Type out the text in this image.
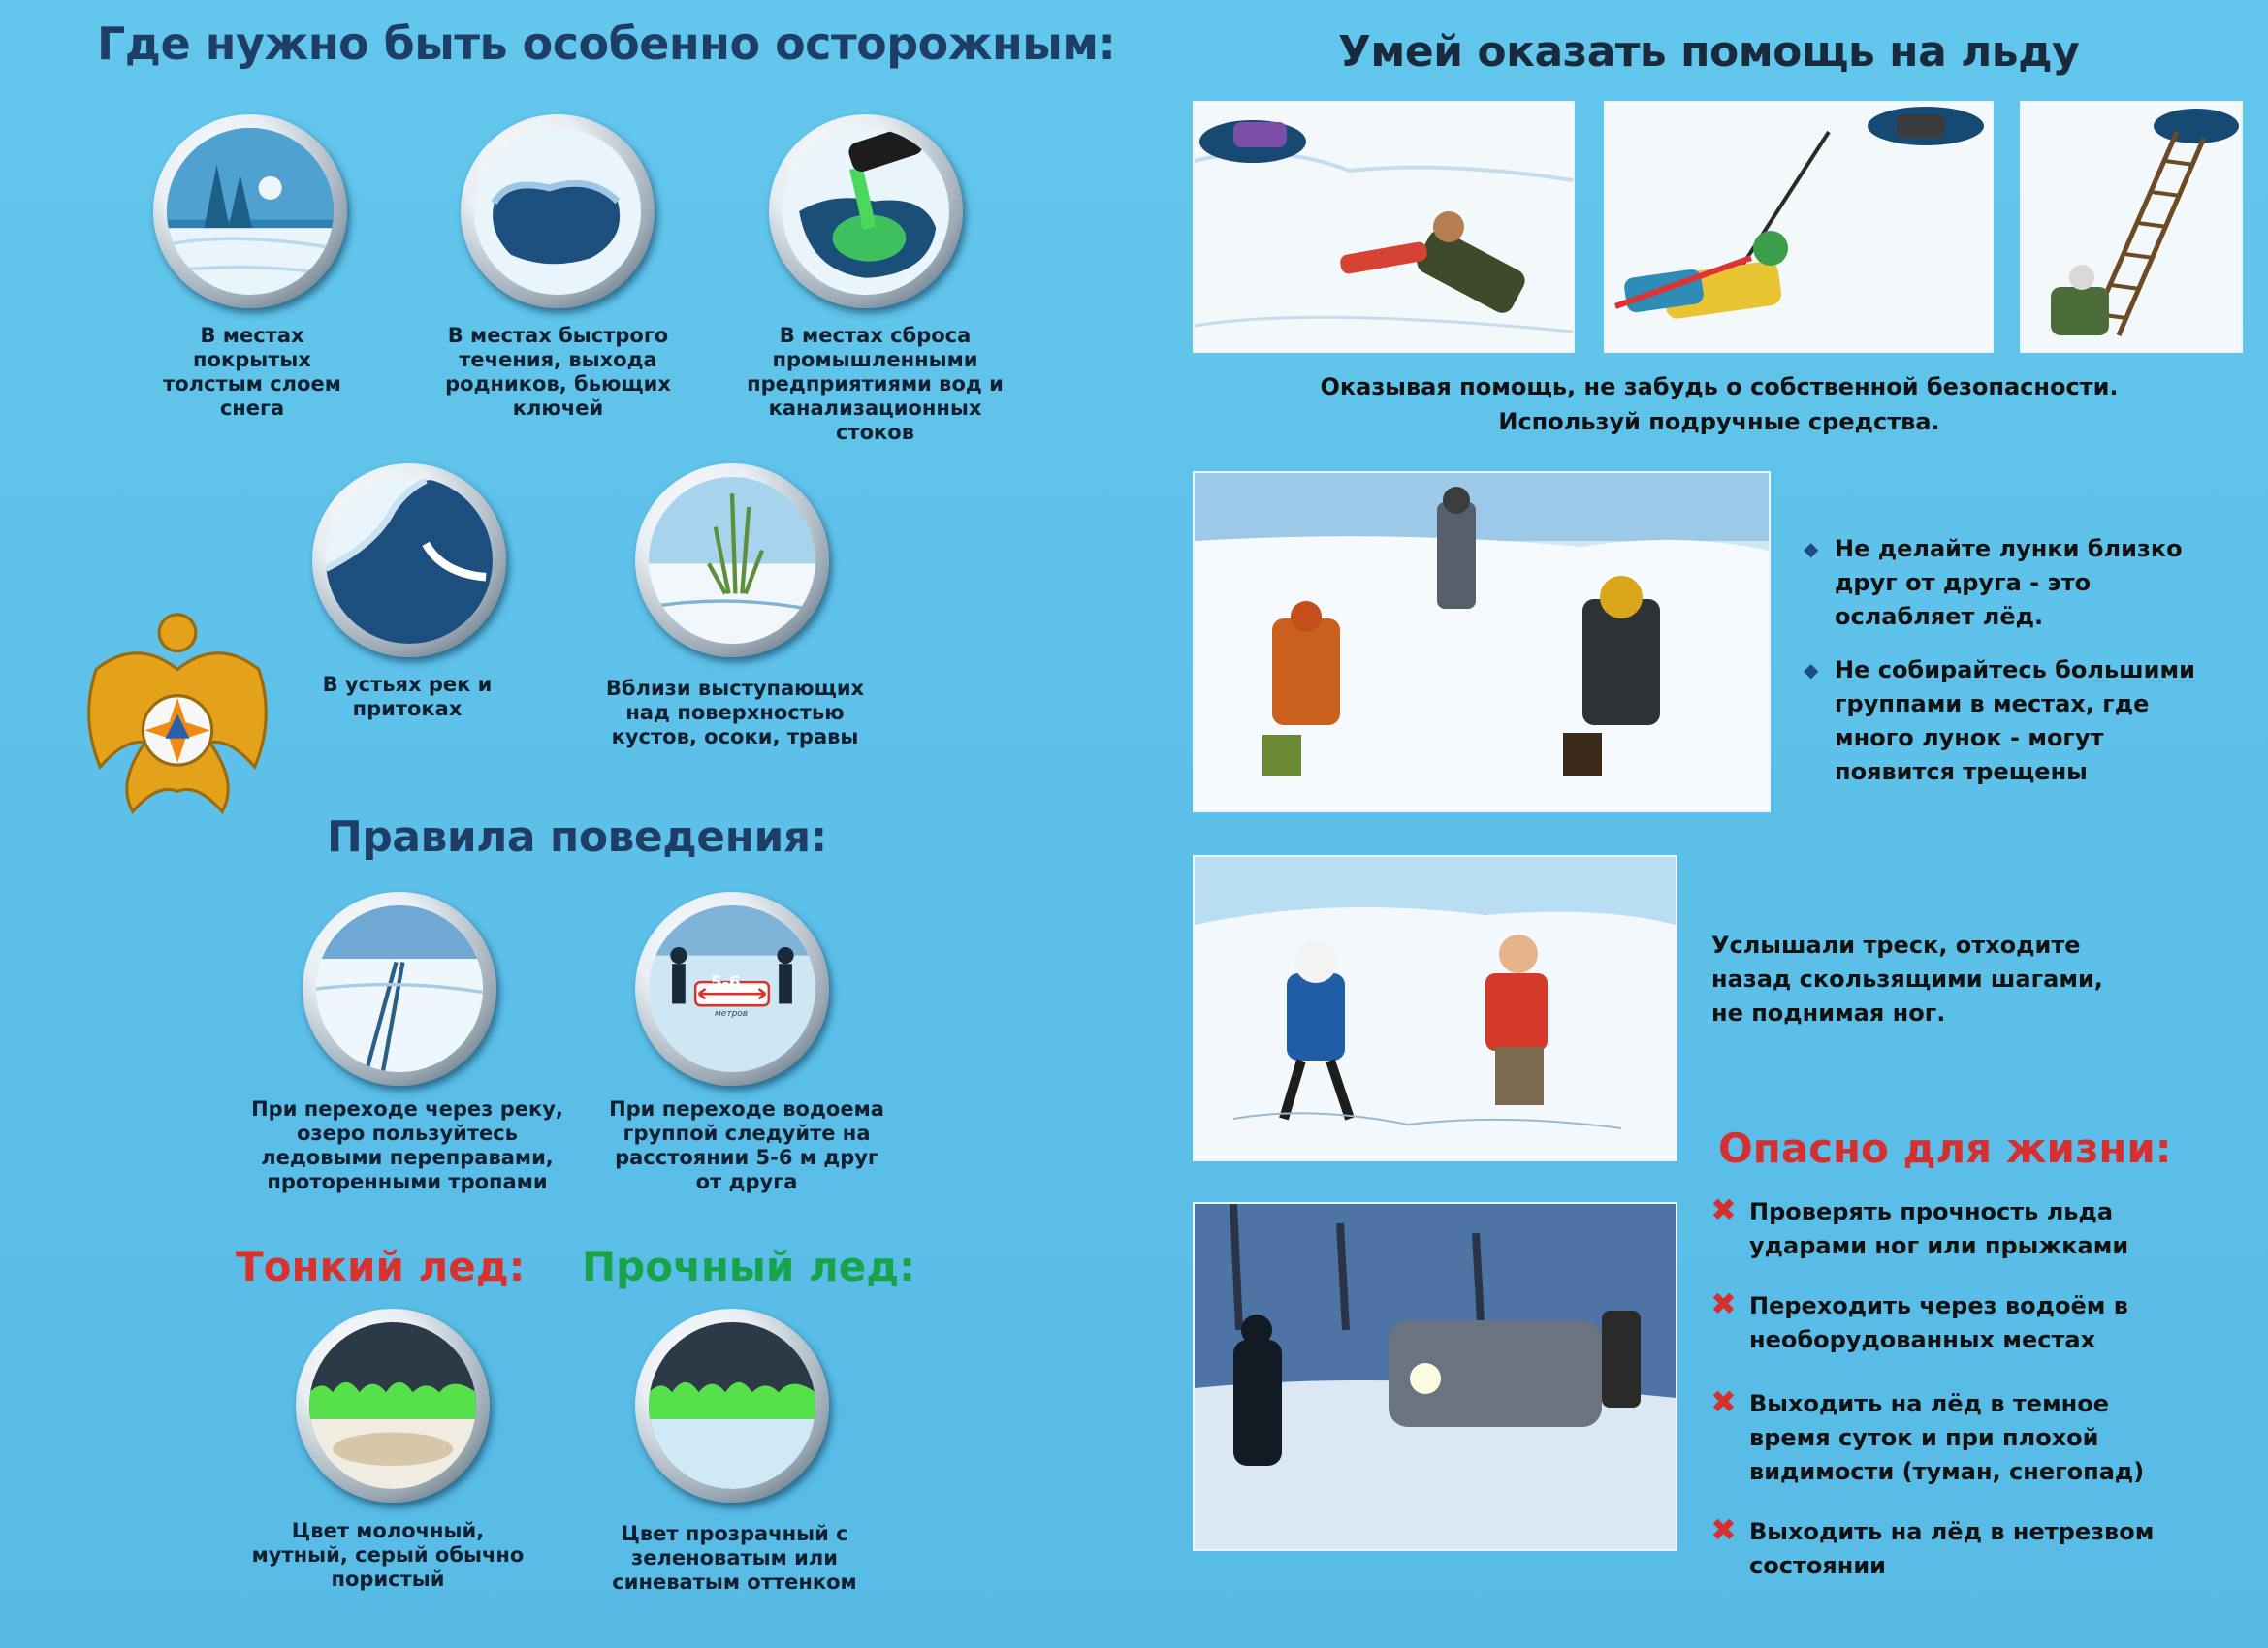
Где нужно быть особенно осторожным:
В местах покрытых толстым слоем снега
В местах быстрого течения, выхода родников, бьющих ключей
В местах сброса промышленными предприятиями вод и канализационных стоков
В устьях рек и притоках
Вблизи выступающих над поверхностью кустов, осоки, травы
Правила поведения:
5-6
метров
При переходе через реку, озеро пользуйтесь ледовыми переправами, проторенными тропами
При переходе водоема группой следуйте на расстоянии 5-6 м друг от друга
Тонкий лед: Прочный лед:
Цвет молочный, мутный, серый обычно пористый
Цвет прозрачный с зеленоватым или синеватым оттенком
Умей оказать помощь на льду
Оказывая помощь, не забудь о собственной безопасности.
Используй подручные средства.
◆ Не делайте лунки близко друг от друга - это ослабляет лёд.
◆ Не собирайтесь большими группами в местах, где много лунок - могут появится трещены
Услышали треск, отходите назад скользящими шагами, не поднимая ног.
Опасно для жизни:
✖ Проверять прочность льда ударами ног или прыжками
✖ Переходить через водоём в необорудованных местах
✖ Выходить на лёд в темное время суток и при плохой видимости (туман, снегопад)
✖ Выходить на лёд в нетрезвом состоянии
